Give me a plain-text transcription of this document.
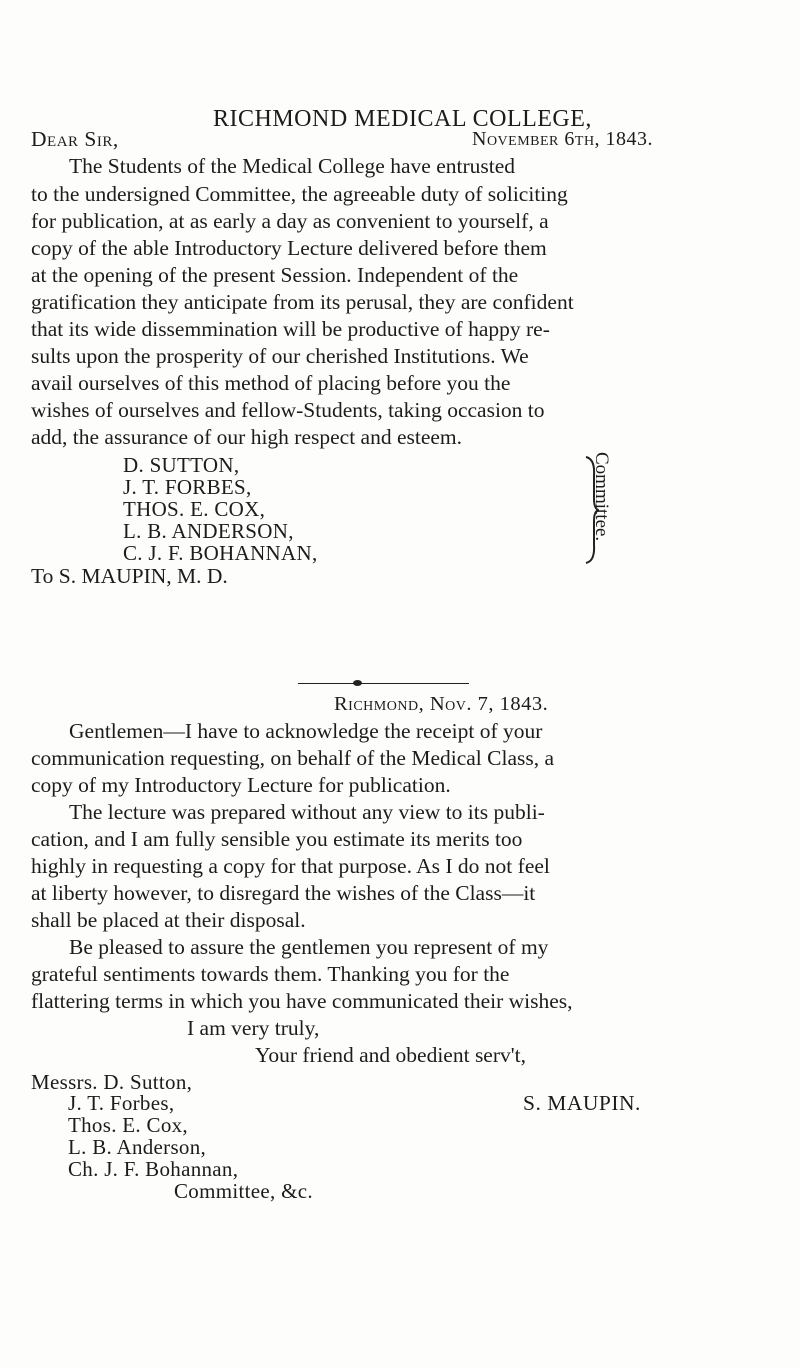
RICHMOND MEDICAL COLLEGE,
Dear Sir,	November 6th, 1843.
The Students of the Medical College have entrusted
to the undersigned Committee, the agreeable duty of soliciting
for publication, at as early a day as convenient to yourself, a
copy of the able Introductory Lecture delivered before them
at the opening of the present Session. Independent of the
gratification they anticipate from its perusal, they are confident
that its wide dissemmination will be productive of happy re-
sults upon the prosperity of our cherished Institutions. We
avail ourselves of this method of placing before you the
wishes of ourselves and fellow-Students, taking occasion to
add, the assurance of our high respect and esteem.
D. SUTTON,
J. T. FORBES,
THOS. E. COX,
L. B. ANDERSON,
C. J. F. BOHANNAN,
Committee.
To S. MAUPIN, M. D.
Richmond, Nov. 7, 1843.
Gentlemen—I have to acknowledge the receipt of your
communication requesting, on behalf of the Medical Class, a
copy of my Introductory Lecture for publication.
The lecture was prepared without any view to its publi-
cation, and I am fully sensible you estimate its merits too
highly in requesting a copy for that purpose. As I do not feel
at liberty however, to disregard the wishes of the Class—it
shall be placed at their disposal.
Be pleased to assure the gentlemen you represent of my
grateful sentiments towards them. Thanking you for the
flattering terms in which you have communicated their wishes,
I am very truly,
Your friend and obedient serv't,
Messrs. D. Sutton,
J. T. Forbes,
Thos. E. Cox,
L. B. Anderson,
Ch. J. F. Bohannan,
Committee, &c.
S. MAUPIN.
